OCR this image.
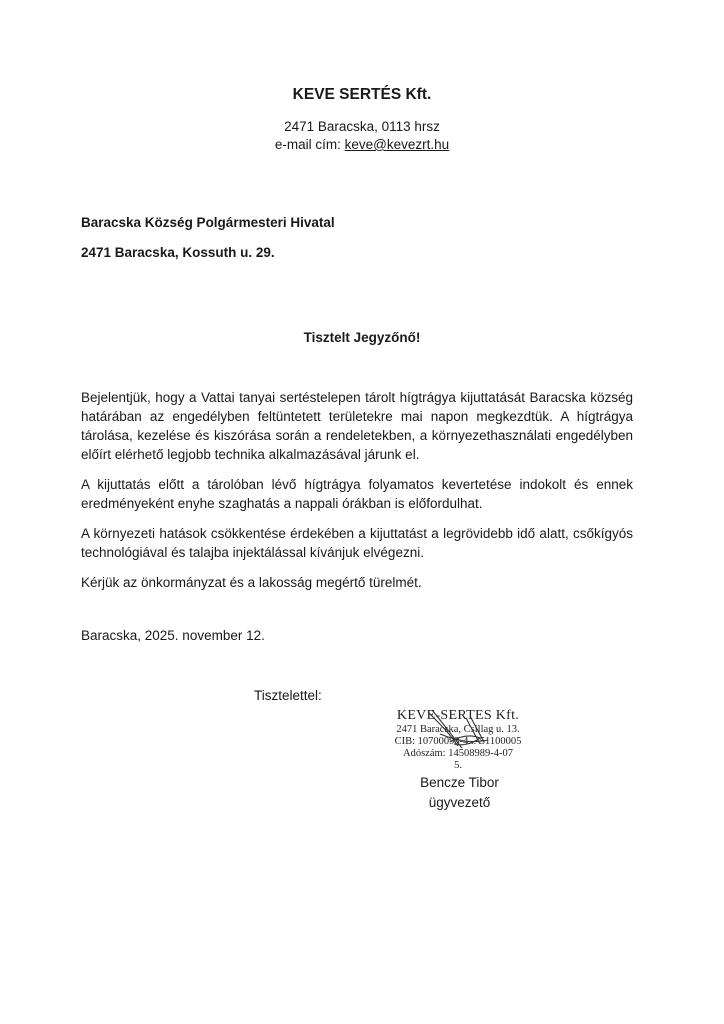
KEVE SERTÉS Kft.
2471 Baracska, 0113 hrsz
e-mail cím: keve@kevezrt.hu
Baracska Község Polgármesteri Hivatal
2471 Baracska, Kossuth u. 29.
Tisztelt Jegyzőnő!
Bejelentjük, hogy a Vattai tanyai sertéstelepen tárolt hígtrágya kijuttatását Baracska község határában az engedélyben feltüntetett területekre mai napon megkezdtük. A hígtrágya tárolása, kezelése és kiszórása során a rendeletekben, a környezethasználati engedélyben előírt elérhető legjobb technika alkalmazásával járunk el.
A kijuttatás előtt a tárolóban lévő hígtrágya folyamatos kevertetése indokolt és ennek eredményeként enyhe szaghatás a nappali órákban is előfordulhat.
A környezeti hatások csökkentése érdekében a kijuttatást a legrövidebb idő alatt, csőkígyós technológiával és talajba injektálással kívánjuk elvégezni.
Kérjük az önkormányzat és a lakosság megértő türelmét.
Baracska, 2025. november 12.
Tisztelettel:
KEVE-SERTES Kft.
2471 Baracska, Csillag u. 13.
CIB: 10700093-4...-51100005
Adószám: 14508989-4-07
5.
Bencze Tibor
ügyvezető
